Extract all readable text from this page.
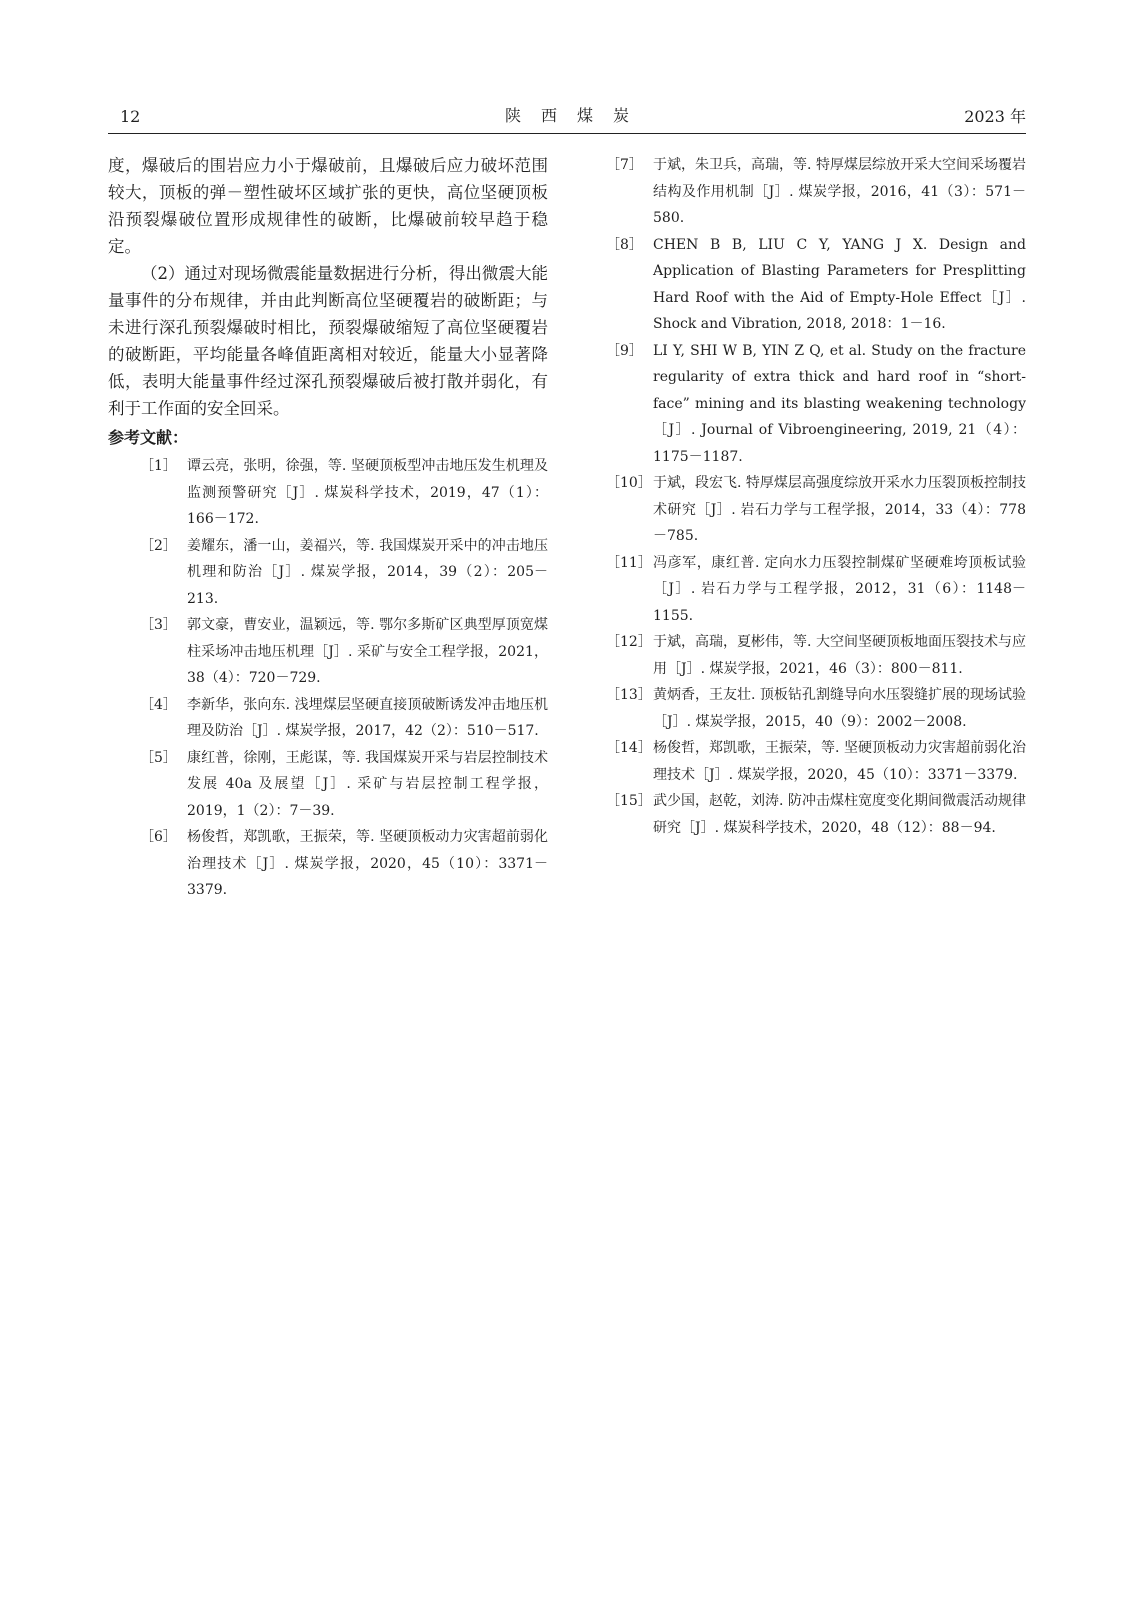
12	陕西煤炭	2023 年

度，爆破后的围岩应力小于爆破前，且爆破后应力破坏范围较大，顶板的弹－塑性破坏区域扩张的更快，高位坚硬顶板沿预裂爆破位置形成规律性的破断，比爆破前较早趋于稳定。

（2）通过对现场微震能量数据进行分析，得出微震大能量事件的分布规律，并由此判断高位坚硬覆岩的破断距；与未进行深孔预裂爆破时相比，预裂爆破缩短了高位坚硬覆岩的破断距，平均能量各峰值距离相对较近，能量大小显著降低，表明大能量事件经过深孔预裂爆破后被打散并弱化，有利于工作面的安全回采。

参考文献：
［1］ 谭云亮，张明，徐强，等. 坚硬顶板型冲击地压发生机理及监测预警研究［J］. 煤炭科学技术，2019，47（1）：166－172.
［2］ 姜耀东，潘一山，姜福兴，等. 我国煤炭开采中的冲击地压机理和防治［J］. 煤炭学报，2014，39（2）：205－213.
［3］ 郭文豪，曹安业，温颖远，等. 鄂尔多斯矿区典型厚顶宽煤柱采场冲击地压机理［J］. 采矿与安全工程学报，2021，38（4）：720－729.
［4］ 李新华，张向东. 浅埋煤层坚硬直接顶破断诱发冲击地压机理及防治［J］. 煤炭学报，2017，42（2）：510－517.
［5］ 康红普，徐刚，王彪谋，等. 我国煤炭开采与岩层控制技术发展 40a 及展望［J］. 采矿与岩层控制工程学报，2019，1（2）：7－39.
［6］ 杨俊哲，郑凯歌，王振荣，等. 坚硬顶板动力灾害超前弱化治理技术［J］. 煤炭学报，2020，45（10）：3371－3379.
［7］ 于斌，朱卫兵，高瑞，等. 特厚煤层综放开采大空间采场覆岩结构及作用机制［J］. 煤炭学报，2016，41（3）：571－580.
［8］ CHEN B B, LIU C Y, YANG J X. Design and Application of Blasting Parameters for Presplitting Hard Roof with the Aid of Empty-Hole Effect［J］. Shock and Vibration, 2018, 2018：1－16.
［9］ LI Y, SHI W B, YIN Z Q, et al. Study on the fracture regularity of extra thick and hard roof in “short-face” mining and its blasting weakening technology［J］. Journal of Vibroengineering, 2019, 21（4）：1175－1187.
［10］ 于斌，段宏飞. 特厚煤层高强度综放开采水力压裂顶板控制技术研究［J］. 岩石力学与工程学报，2014，33（4）：778－785.
［11］ 冯彦军，康红普. 定向水力压裂控制煤矿坚硬难垮顶板试验［J］. 岩石力学与工程学报，2012，31（6）：1148－1155.
［12］ 于斌，高瑞，夏彬伟，等. 大空间坚硬顶板地面压裂技术与应用［J］. 煤炭学报，2021，46（3）：800－811.
［13］ 黄炳香，王友壮. 顶板钻孔割缝导向水压裂缝扩展的现场试验［J］. 煤炭学报，2015，40（9）：2002－2008.
［14］ 杨俊哲，郑凯歌，王振荣，等. 坚硬顶板动力灾害超前弱化治理技术［J］. 煤炭学报，2020，45（10）：3371－3379.
［15］ 武少国，赵乾，刘涛. 防冲击煤柱宽度变化期间微震活动规律研究［J］. 煤炭科学技术，2020，48（12）：88－94.
